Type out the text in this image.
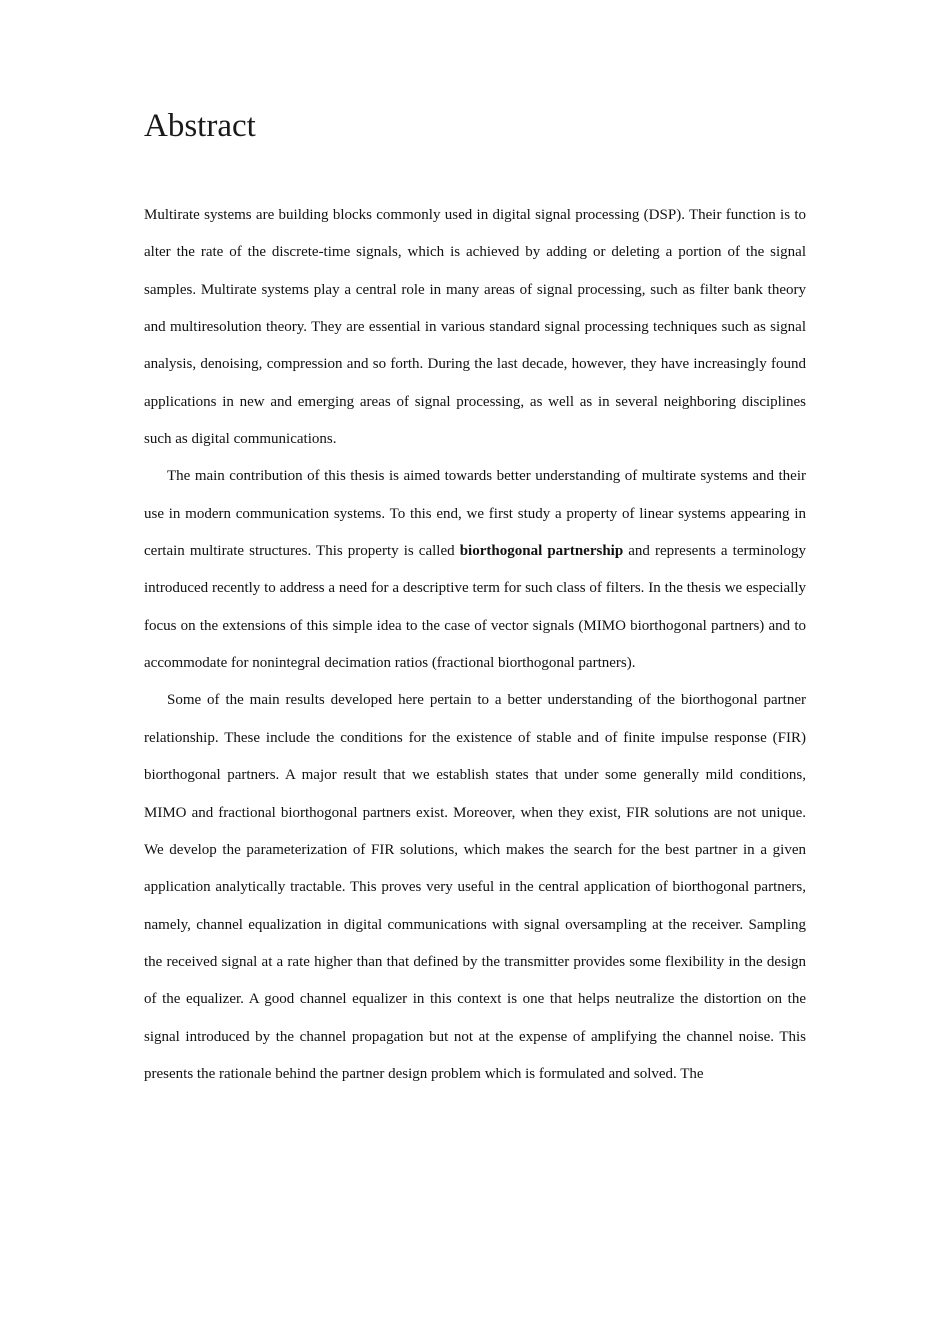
Abstract

Multirate systems are building blocks commonly used in digital signal processing (DSP). Their function is to alter the rate of the discrete-time signals, which is achieved by adding or deleting a portion of the signal samples. Multirate systems play a central role in many areas of signal processing, such as filter bank theory and multiresolution theory. They are essential in various standard signal processing techniques such as signal analysis, denoising, compression and so forth. During the last decade, however, they have increasingly found applications in new and emerging areas of signal processing, as well as in several neighboring disciplines such as digital communications.

The main contribution of this thesis is aimed towards better understanding of multirate systems and their use in modern communication systems. To this end, we first study a property of linear systems appearing in certain multirate structures. This property is called biorthogonal partnership and represents a terminology introduced recently to address a need for a descriptive term for such class of filters. In the thesis we especially focus on the extensions of this simple idea to the case of vector signals (MIMO biorthogonal partners) and to accommodate for nonintegral decimation ratios (fractional biorthogonal partners).

Some of the main results developed here pertain to a better understanding of the biorthogonal partner relationship. These include the conditions for the existence of stable and of finite impulse response (FIR) biorthogonal partners. A major result that we establish states that under some generally mild conditions, MIMO and fractional biorthogonal partners exist. Moreover, when they exist, FIR solutions are not unique. We develop the parameterization of FIR solutions, which makes the search for the best partner in a given application analytically tractable. This proves very useful in the central application of biorthogonal partners, namely, channel equalization in digital communications with signal oversampling at the receiver. Sampling the received signal at a rate higher than that defined by the transmitter provides some flexibility in the design of the equalizer. A good channel equalizer in this context is one that helps neutralize the distortion on the signal introduced by the channel propagation but not at the expense of amplifying the channel noise. This presents the rationale behind the partner design problem which is formulated and solved. The
